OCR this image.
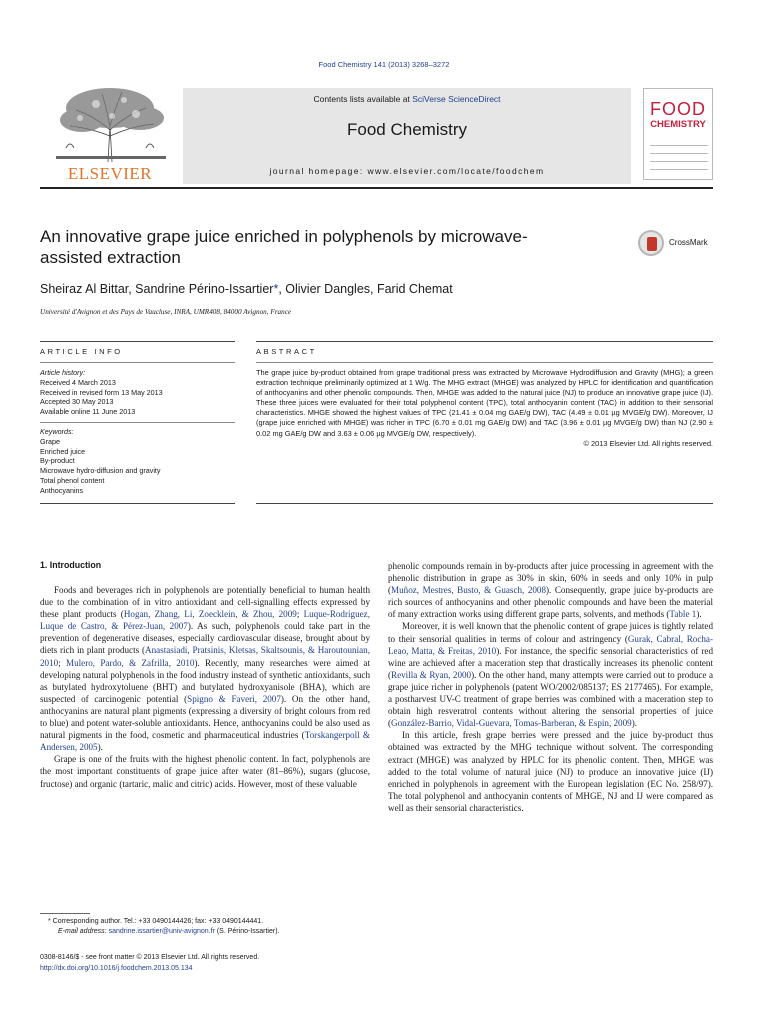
Food Chemistry 141 (2013) 3268–3272
ELSEVIER
Contents lists available at SciVerse ScienceDirect
Food Chemistry
journal homepage: www.elsevier.com/locate/foodchem
FOOD
CHEMISTRY
An innovative grape juice enriched in polyphenols by microwave-assisted extraction
CrossMark
Sheiraz Al Bittar, Sandrine Périno-Issartier*, Olivier Dangles, Farid Chemat
Université d'Avignon et des Pays de Vaucluse, INRA, UMR408, 84000 Avignon, France
ARTICLE INFO	ABSTRACT
Article history:
Received 4 March 2013
Received in revised form 13 May 2013
Accepted 30 May 2013
Available online 11 June 2013
Keywords:
Grape
Enriched juice
By-product
Microwave hydro-diffusion and gravity
Total phenol content
Anthocyanins
The grape juice by-product obtained from grape traditional press was extracted by Microwave Hydrodiffusion and Gravity (MHG); a green extraction technique preliminarily optimized at 1 W/g. The MHG extract (MHGE) was analyzed by HPLC for identification and quantification of anthocyanins and other phenolic compounds. Then, MHGE was added to the natural juice (NJ) to produce an innovative grape juice (IJ). These three juices were evaluated for their total polyphenol content (TPC), total anthocyanin content (TAC) in addition to their sensorial characteristics. MHGE showed the highest values of TPC (21.41 ± 0.04 mg GAE/g DW), TAC (4.49 ± 0.01 µg MVGE/g DW). Moreover, IJ (grape juice enriched with MHGE) was richer in TPC (6.70 ± 0.01 mg GAE/g DW) and TAC (3.96 ± 0.01 µg MVGE/g DW) than NJ (2.90 ± 0.02 mg GAE/g DW and 3.63 ± 0.06 µg MVGE/g DW, respectively).
© 2013 Elsevier Ltd. All rights reserved.
1. Introduction

Foods and beverages rich in polyphenols are potentially beneficial to human health due to the combination of in vitro antioxidant and cell-signalling effects expressed by these plant products (Hogan, Zhang, Li, Zoecklein, & Zhou, 2009; Luque-Rodríguez, Luque de Castro, & Pérez-Juan, 2007). As such, polyphenols could take part in the prevention of degenerative diseases, especially cardiovascular disease, brought about by diets rich in plant products (Anastasiadi, Pratsinis, Kletsas, Skaltsounis, & Haroutounian, 2010; Mulero, Pardo, & Zafrilla, 2010). Recently, many researches were aimed at developing natural polyphenols in the food industry instead of synthetic antioxidants, such as butylated hydroxytoluene (BHT) and butylated hydroxyanisole (BHA), which are suspected of carcinogenic potential (Spigno & Faveri, 2007). On the other hand, anthocyanins are natural plant pigments (expressing a diversity of bright colours from red to blue) and potent water-soluble antioxidants. Hence, anthocyanins could be also used as natural pigments in the food, cosmetic and pharmaceutical industries (Torskangerpoll & Andersen, 2005).

Grape is one of the fruits with the highest phenolic content. In fact, polyphenols are the most important constituents of grape juice after water (81–86%), sugars (glucose, fructose) and organic (tartaric, malic and citric) acids. However, most of these valuable

phenolic compounds remain in by-products after juice processing in agreement with the phenolic distribution in grape as 30% in skin, 60% in seeds and only 10% in pulp (Muñoz, Mestres, Busto, & Guasch, 2008). Consequently, grape juice by-products are rich sources of anthocyanins and other phenolic compounds and have been the material of many extraction works using different grape parts, solvents, and methods (Table 1).

Moreover, it is well known that the phenolic content of grape juices is tightly related to their sensorial qualities in terms of colour and astringency (Gurak, Cabral, Rocha-Leao, Matta, & Freitas, 2010). For instance, the specific sensorial characteristics of red wine are achieved after a maceration step that drastically increases its phenolic content (Revilla & Ryan, 2000). On the other hand, many attempts were carried out to produce a grape juice richer in polyphenols (patent WO/2002/085137; ES 2177465). For example, a postharvest UV-C treatment of grape berries was combined with a maceration step to obtain high resveratrol contents without altering the sensorial properties of juice (González-Barrio, Vidal-Guevara, Tomas-Barberan, & Espin, 2009).

In this article, fresh grape berries were pressed and the juice by-product thus obtained was extracted by the MHG technique without solvent. The corresponding extract (MHGE) was analyzed by HPLC for its phenolic content. Then, MHGE was added to the total volume of natural juice (NJ) to produce an innovative juice (IJ) enriched in polyphenols in agreement with the European legislation (EC No. 258/97). The total polyphenol and anthocyanin contents of MHGE, NJ and IJ were compared as well as their sensorial characteristics.

* Corresponding author. Tel.: +33 0490144426; fax: +33 0490144441.
E-mail address: sandrine.issartier@univ-avignon.fr (S. Périno-Issartier).
0308-8146/$ - see front matter © 2013 Elsevier Ltd. All rights reserved.
http://dx.doi.org/10.1016/j.foodchem.2013.05.134
